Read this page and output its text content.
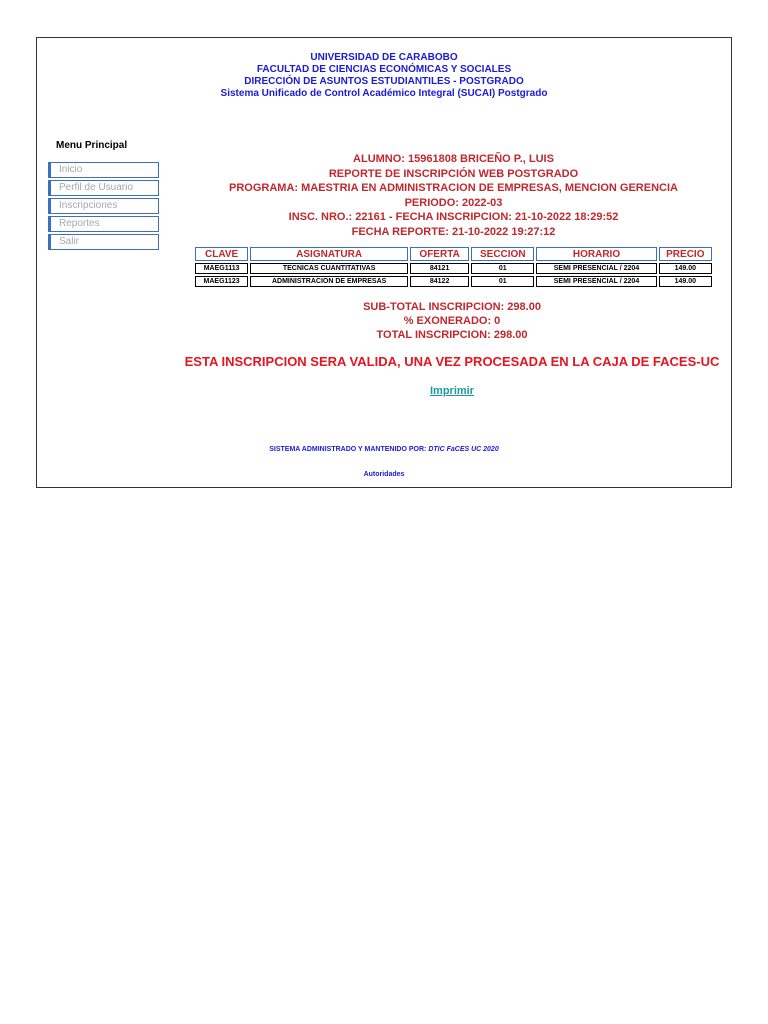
UNIVERSIDAD DE CARABOBO
FACULTAD DE CIENCIAS ECONÓMICAS Y SOCIALES
DIRECCIÓN DE ASUNTOS ESTUDIANTILES - POSTGRADO
Sistema Unificado de Control Académico Integral (SUCAI) Postgrado
Menu Principal
Inicio
Perfil de Usuario
Inscripciones
Reportes
Salir
ALUMNO: 15961808 BRICEÑO P., LUIS
REPORTE DE INSCRIPCIÓN WEB POSTGRADO
PROGRAMA: MAESTRIA EN ADMINISTRACION DE EMPRESAS, MENCION GERENCIA
PERIODO: 2022-03
INSC. NRO.: 22161 - FECHA INSCRIPCION: 21-10-2022 18:29:52
FECHA REPORTE: 21-10-2022 19:27:12
CLAVE	ASIGNATURA	OFERTA	SECCION	HORARIO	PRECIO
MAEG1113	TECNICAS CUANTITATIVAS	84121	01	SEMI PRESENCIAL / 2204	149.00
MAEG1123	ADMINISTRACION DE EMPRESAS	84122	01	SEMI PRESENCIAL / 2204	149.00
SUB-TOTAL INSCRIPCION: 298.00
% EXONERADO: 0
TOTAL INSCRIPCION: 298.00
ESTA INSCRIPCION SERA VALIDA, UNA VEZ PROCESADA EN LA CAJA DE FACES-UC
Imprimir
SISTEMA ADMINISTRADO Y MANTENIDO POR: DTIC FaCES UC 2020
Autoridades
